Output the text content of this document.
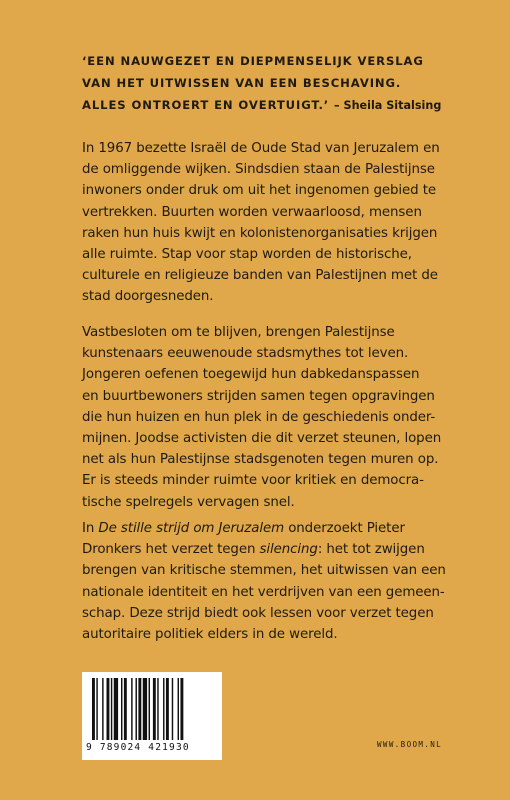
‘EEN NAUWGEZET EN DIEPMENSELIJK VERSLAG
VAN HET UITWISSEN VAN EEN BESCHAVING.
ALLES ONTROERT EN OVERTUIGT.’ – Sheila Sitalsing
In 1967 bezette Israël de Oude Stad van Jeruzalem en
de omliggende wijken. Sindsdien staan de Palestijnse
inwoners onder druk om uit het ingenomen gebied te
vertrekken. Buurten worden verwaarloosd, mensen
raken hun huis kwijt en kolonistenorganisaties krijgen
alle ruimte. Stap voor stap worden de historische,
culturele en religieuze banden van Palestijnen met de
stad doorgesneden.
Vastbesloten om te blijven, brengen Palestijnse
kunstenaars eeuwenoude stadsmythes tot leven.
Jongeren oefenen toegewijd hun dabkedanspassen
en buurtbewoners strijden samen tegen opgravingen
die hun huizen en hun plek in de geschiedenis onder-
mijnen. Joodse activisten die dit verzet steunen, lopen
net als hun Palestijnse stadsgenoten tegen muren op.
Er is steeds minder ruimte voor kritiek en democra-
tische spelregels vervagen snel.
In De stille strijd om Jeruzalem onderzoekt Pieter
Dronkers het verzet tegen silencing: het tot zwijgen
brengen van kritische stemmen, het uitwissen van een
nationale identiteit en het verdrijven van een gemeen-
schap. Deze strijd biedt ook lessen voor verzet tegen
autoritaire politiek elders in de wereld.
9 789024 421930	WWW.BOOM.NL
